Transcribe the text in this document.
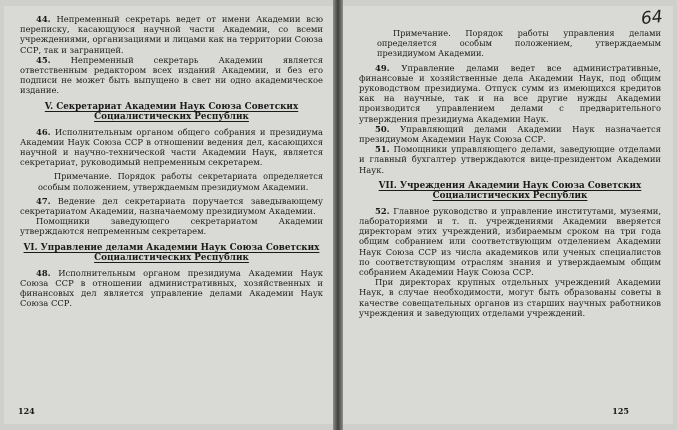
44. Непременный секретарь ведет от имени Академии всю переписку, касающуюся научной части Академии, со всеми учреждениями, организациями и лицами как на территории Союза ССР, так и заграницей.

45. Непременный секретарь Академии является ответственным редактором всех изданий Академии, и без его подписи не может быть выпущено в свет ни одно академическое издание.

V. Секретариат Академии Наук Союза Советских Социалистических Республик

46. Исполнительным органом общего собрания и президиума Академии Наук Союза ССР в отношении ведения дел, касающихся научной и научно-технической части Академии Наук, является секретариат, руководимый непременным секретарем.

Примечание. Порядок работы секретариата определяется особым положением, утверждаемым президиумом Академии.

47. Ведение дел секретариата поручается заведывающему секретариатом Академии, назначаемому президиумом Академии.

Помощники заведующего секретариатом Академии утверждаются непременным секретарем.

VI. Управление делами Академии Наук Союза Советских Социалистических Республик

48. Исполнительным органом президиума Академии Наук Союза ССР в отношении административных, хозяйственных и финансовых дел является управление делами Академии Наук Союза ССР.

124
64

Примечание. Порядок работы управления делами определяется особым положением, утверждаемым президиумом Академии.

49. Управление делами ведет все административные, финансовые и хозяйственные дела Академии Наук, под общим руководством президиума. Отпуск сумм из имеющихся кредитов как на научные, так и на все другие нужды Академии производится управлением делами с предварительного утверждения президиума Академии Наук.

50. Управляющий делами Академии Наук назначается президиумом Академии Наук Союза ССР.

51. Помощники управляющего делами, заведующие отделами и главный бухгалтер утверждаются вице-президентом Академии Наук.

VII. Учреждения Академии Наук Союза Советских Социалистических Республик

52. Главное руководство и управление институтами, музеями, лабораториями и т. п. учреждениями Академии вверяется директорам этих учреждений, избираемым сроком на три года общим собранием или соответствующим отделением Академии Наук Союза ССР из числа академиков или ученых специалистов по соответствующим отраслям знания и утверждаемым общим собранием Академии Наук Союза ССР.

При директорах крупных отдельных учреждений Академии Наук, в случае необходимости, могут быть образованы советы в качестве совещательных органов из старших научных работников учреждения и заведующих отделами учреждений.

125
